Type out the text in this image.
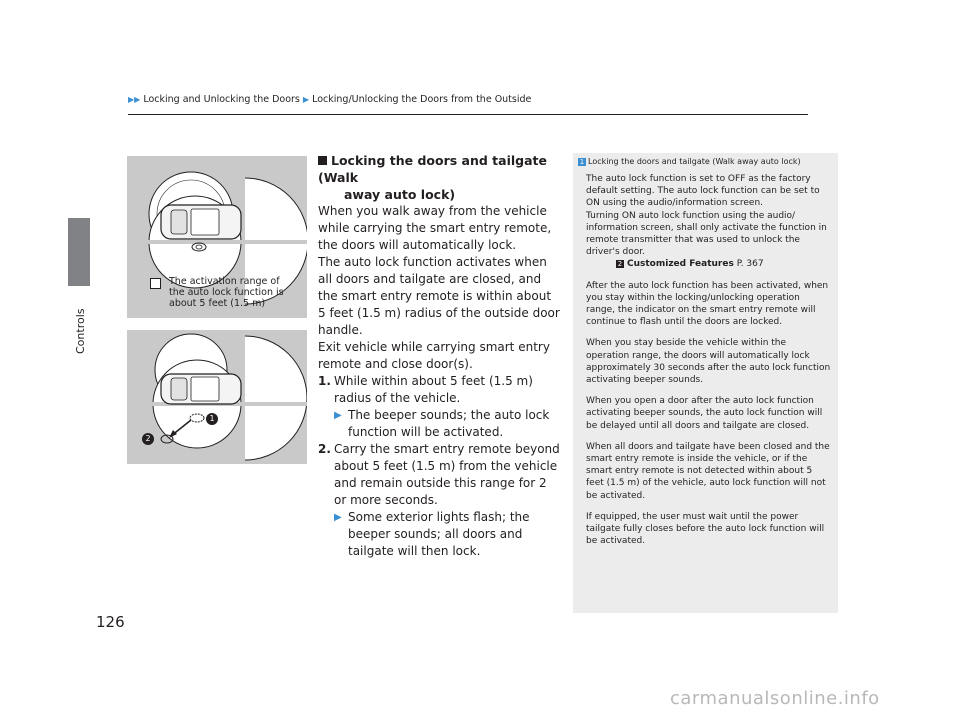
▶▶ Locking and Unlocking the Doors ▶ Locking/Unlocking the Doors from the Outside
Controls
The activation range of
the auto lock function is
about 5 feet (1.5 m)
1
2

Locking the doors and tailgate (Walk

away auto lock)

When you walk away from the vehicle while carrying the smart entry remote, the doors will automatically lock.

The auto lock function activates when all doors and tailgate are closed, and the smart entry remote is within about 5 feet (1.5 m) radius of the outside door handle.

Exit vehicle while carrying smart entry remote and close door(s).

1. While within about 5 feet (1.5 m) radius of the vehicle.
▶ The beeper sounds; the auto lock function will be activated.
2. Carry the smart entry remote beyond about 5 feet (1.5 m) from the vehicle and remain outside this range for 2 or more seconds.
▶ Some exterior lights flash; the beeper sounds; all doors and tailgate will then lock.
1 Locking the doors and tailgate (Walk away auto lock)

The auto lock function is set to OFF as the factory default setting. The auto lock function can be set to ON using the audio/information screen.
Turning ON auto lock function using the audio/ information screen, shall only activate the function in remote transmitter that was used to unlock the driver's door.
2 Customized Features P. 367

After the auto lock function has been activated, when you stay within the locking/unlocking operation range, the indicator on the smart entry remote will continue to flash until the doors are locked.

When you stay beside the vehicle within the operation range, the doors will automatically lock approximately 30 seconds after the auto lock function activating beeper sounds.

When you open a door after the auto lock function activating beeper sounds, the auto lock function will be delayed until all doors and tailgate are closed.

When all doors and tailgate have been closed and the smart entry remote is inside the vehicle, or if the smart entry remote is not detected within about 5 feet (1.5 m) of the vehicle, auto lock function will not be activated.

If equipped, the user must wait until the power tailgate fully closes before the auto lock function will be activated.

126
carmanualsonline.info
